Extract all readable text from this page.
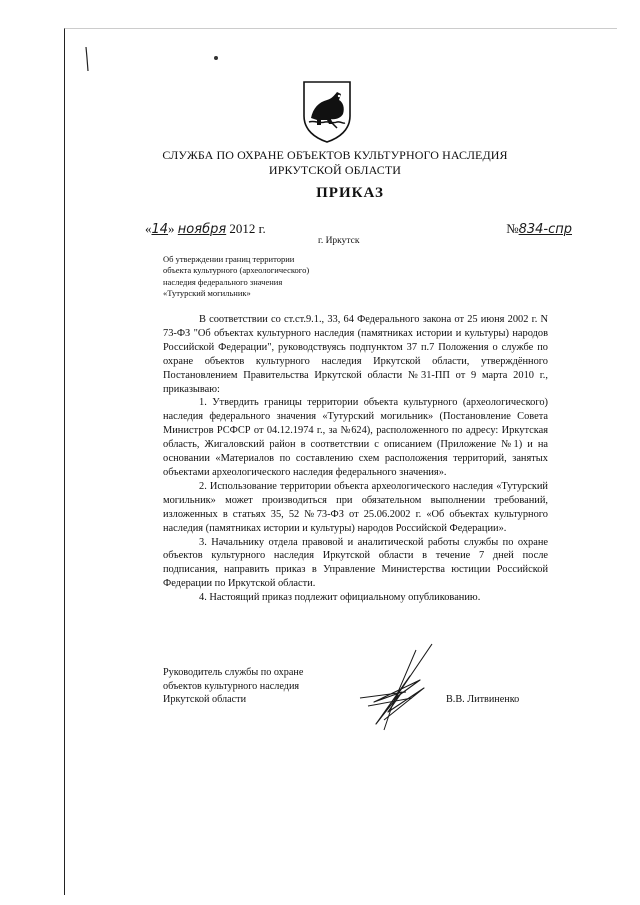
СЛУЖБА ПО ОХРАНЕ ОБЪЕКТОВ КУЛЬТУРНОГО НАСЛЕДИЯ
ИРКУТСКОЙ ОБЛАСТИ
ПРИКАЗ
«14» ноября 2012 г.	№834-спр
г. Иркутск
Об утверждении границ территории
объекта культурного (археологического)
наследия федерального значения
«Тутурский могильник»

В соответствии со ст.ст.9.1., 33, 64 Федерального закона от 25 июня 2002 г. N 73-ФЗ "Об объектах культурного наследия (памятниках истории и культуры) народов Российской Федерации", руководствуясь подпунктом 37 п.7 Положения о службе по охране объектов культурного наследия Иркутской области, утверждённого Постановлением Правительства Иркутской области №31-ПП от 9 марта 2010 г., приказываю:

1. Утвердить границы территории объекта культурного (археологического) наследия федерального значения «Тутурский могильник» (Постановление Совета Министров РСФСР от 04.12.1974 г., за №624), расположенного по адресу: Иркутская область, Жигаловский район в соответствии с описанием (Приложение №1) и на основании «Материалов по составлению схем расположения территорий, занятых объектами археологического наследия федерального значения».

2. Использование территории объекта археологического наследия «Тутурский могильник» может производиться при обязательном выполнении требований, изложенных в статьях 35, 52 №73-ФЗ от 25.06.2002 г. «Об объектах культурного наследия (памятниках истории и культуры) народов Российской Федерации».

3. Начальнику отдела правовой и аналитической работы службы по охране объектов культурного наследия Иркутской области в течение 7 дней после подписания, направить приказ в Управление Министерства юстиции Российской Федерации по Иркутской области.

4. Настоящий приказ подлежит официальному опубликованию.

Руководитель службы по охране
объектов культурного наследия
Иркутской области	В.В. Литвиненко
